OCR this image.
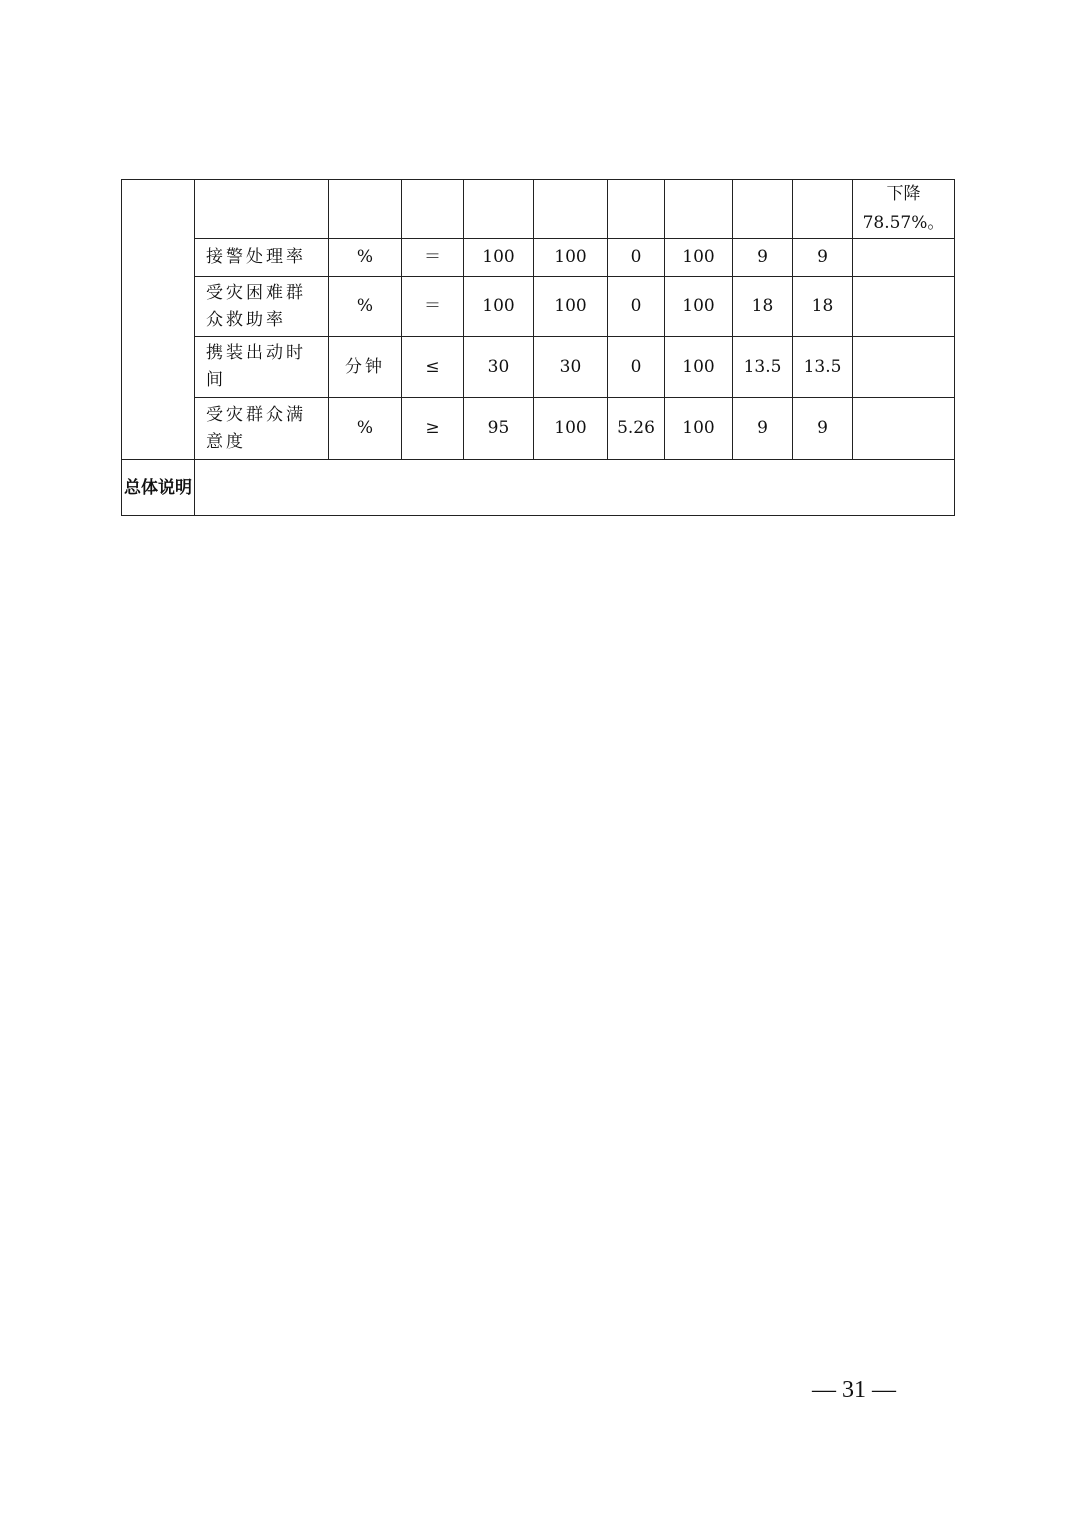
										下降78.57%。
	接警处理率	%	＝	100	100	0	100	9	9	
	受灾困难群众救助率	%	＝	100	100	0	100	18	18	
	携装出动时间	分钟	≤	30	30	0	100	13.5	13.5	
	受灾群众满意度	%	≥	95	100	5.26	100	9	9	
总体说明										
— 31 —
